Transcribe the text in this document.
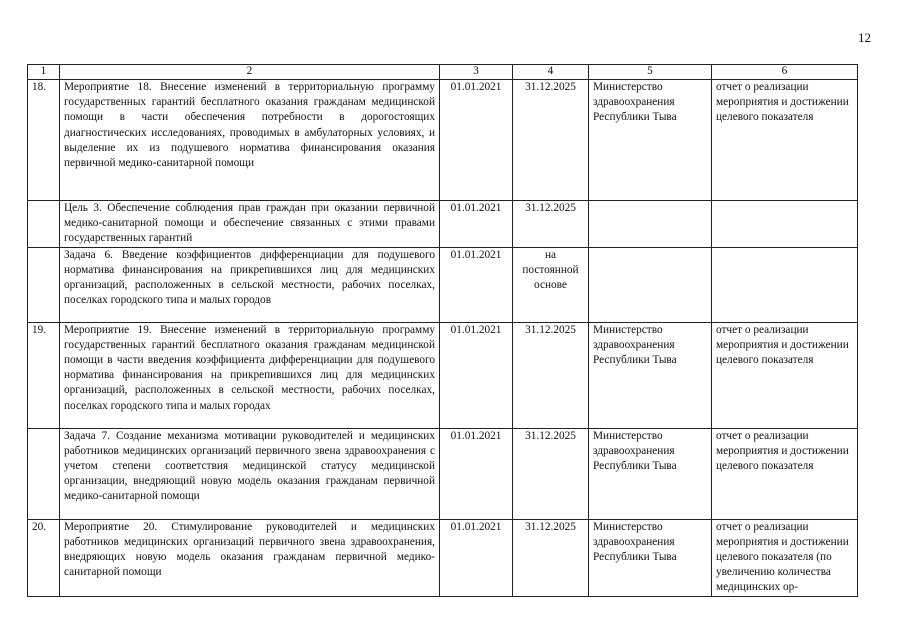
12
1	2	3	4	5	6
18.	Мероприятие 18. Внесение изменений в территориальную программу государственных гарантий бесплатного оказания гражданам медицинской помощи в части обеспечения потребности в дорогостоящих диагностических исследованиях, проводимых в амбулаторных условиях, и выделение их из подушевого норматива финансирования оказания первичной медико-санитарной помощи	01.01.2021	31.12.2025	Министерство здравоохранения Республики Тыва	отчет о реализации мероприятия и достижении целевого показателя
	Цель 3. Обеспечение соблюдения прав граждан при оказании первичной медико-санитарной помощи и обеспечение связанных с этими правами государственных гарантий	01.01.2021	31.12.2025		
	Задача 6. Введение коэффициентов дифференциации для подушевого норматива финансирования на прикрепившихся лиц для медицинских организаций, расположенных в сельской местности, рабочих поселках, поселках городского типа и малых городов	01.01.2021	на постоянной основе		
19.	Мероприятие 19. Внесение изменений в территориальную программу государственных гарантий бесплатного оказания гражданам медицинской помощи в части введения коэффициента дифференциации для подушевого норматива финансирования на прикрепившихся лиц для медицинских организаций, расположенных в сельской местности, рабочих поселках, поселках городского типа и малых городах	01.01.2021	31.12.2025	Министерство здравоохранения Республики Тыва	отчет о реализации мероприятия и достижении целевого показателя
	Задача 7. Создание механизма мотивации руководителей и медицинских работников медицинских организаций первичного звена здравоохранения с учетом степени соответствия медицинской статусу медицинской организации, внедряющий новую модель оказания гражданам первичной медико-санитарной помощи	01.01.2021	31.12.2025	Министерство здравоохранения Республики Тыва	отчет о реализации мероприятия и достижении целевого показателя
20.	Мероприятие 20. Стимулирование руководителей и медицинских работников медицинских организаций первичного звена здравоохранения, внедряющих новую модель оказания гражданам первичной медико-санитарной помощи	01.01.2021	31.12.2025	Министерство здравоохранения Республики Тыва	отчет о реализации мероприятия и достижении целевого показателя (по увеличению количества медицинских ор-
